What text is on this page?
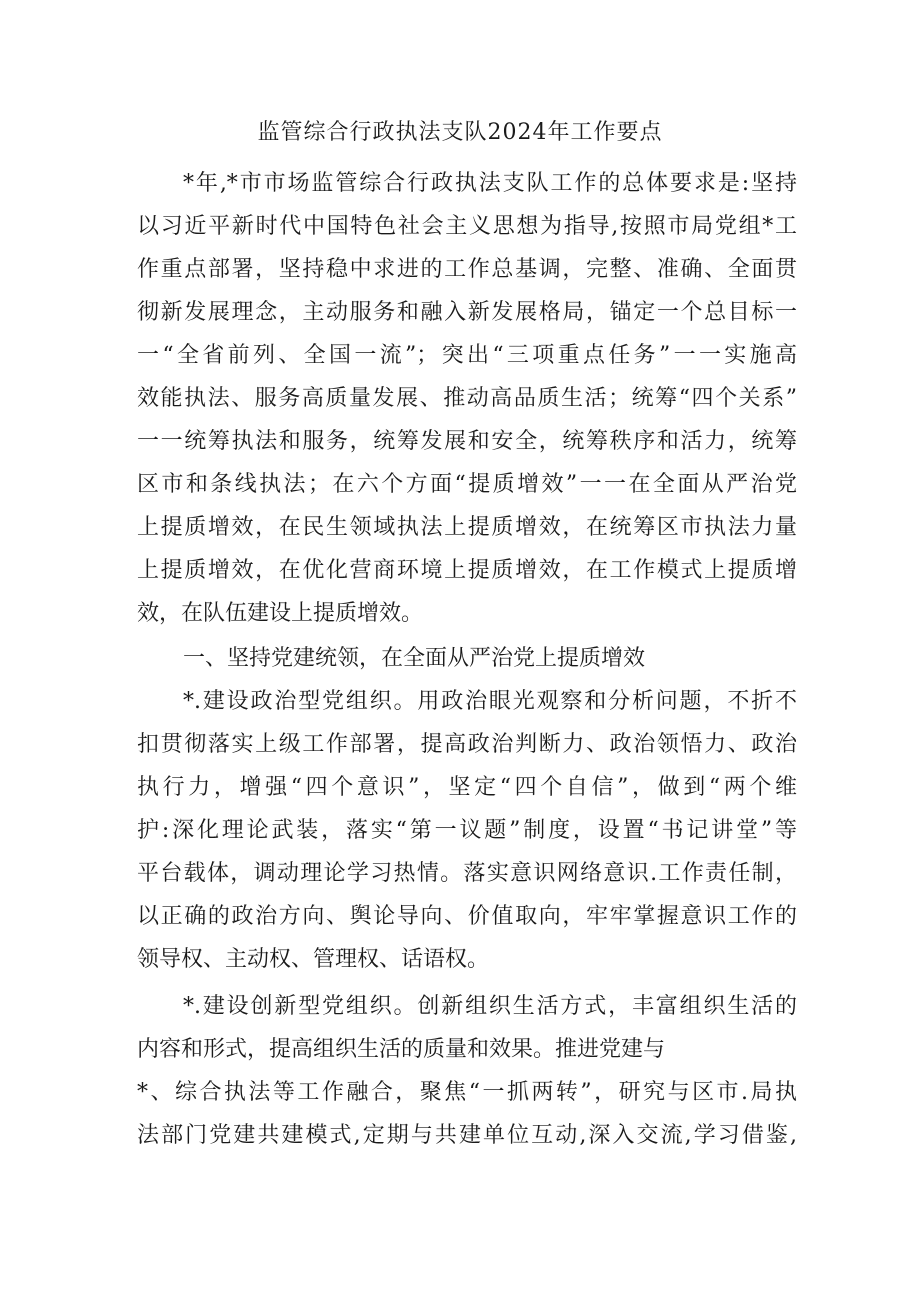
监管综合行政执法支队2024年工作要点
*年,*市市场监管综合行政执法支队工作的总体要求是:坚持
以习近平新时代中国特色社会主义思想为指导,按照市局党组*工
作重点部署，坚持稳中求进的工作总基调，完整、准确、全面贯
彻新发展理念，主动服务和融入新发展格局，锚定一个总目标一
一“全省前列、全国一流”；突出“三项重点任务”一一实施高
效能执法、服务高质量发展、推动高品质生活；统筹“四个关系”
一一统筹执法和服务，统筹发展和安全，统筹秩序和活力，统筹
区市和条线执法；在六个方面“提质增效”一一在全面从严治党
上提质增效，在民生领域执法上提质增效，在统筹区市执法力量
上提质增效，在优化营商环境上提质增效，在工作模式上提质增
效，在队伍建设上提质增效。
一、坚持党建统领，在全面从严治党上提质增效
*.建设政治型党组织。用政治眼光观察和分析问题，不折不
扣贯彻落实上级工作部署，提高政治判断力、政治领悟力、政治
执行力，增强“四个意识”，坚定“四个自信”，做到“两个维
护:深化理论武装，落实“第一议题”制度，设置“书记讲堂”等
平台载体，调动理论学习热情。落实意识网络意识.工作责任制，
以正确的政治方向、舆论导向、价值取向，牢牢掌握意识工作的
领导权、主动权、管理权、话语权。
*.建设创新型党组织。创新组织生活方式，丰富组织生活的
内容和形式，提高组织生活的质量和效果。推进党建与
*、综合执法等工作融合，聚焦“一抓两转”，研究与区市.局执
法部门党建共建模式,定期与共建单位互动,深入交流,学习借鉴,
